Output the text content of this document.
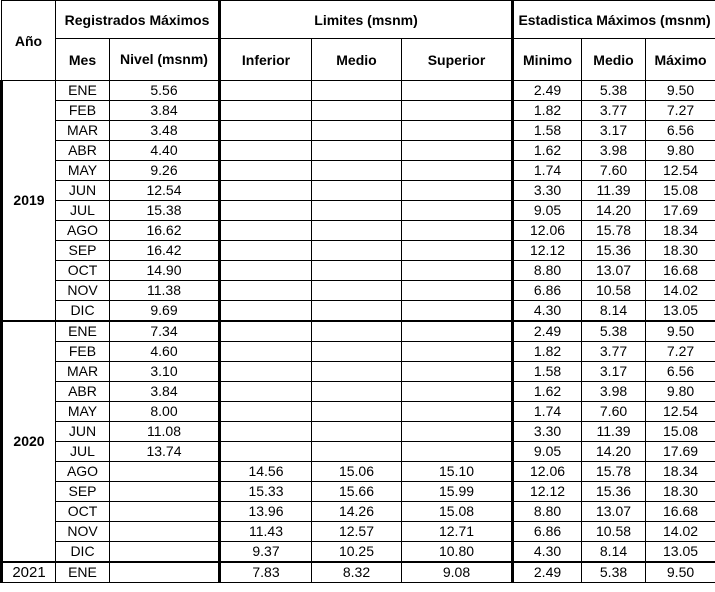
Año	Registrados Máximos		Limites (msnm)			Estadistica Máximos (msnm)		
	Mes	Nivel (msnm)	Inferior	Medio	Superior	Minimo	Medio	Máximo
2019	ENE	5.56				2.49	5.38	9.50
	FEB	3.84				1.82	3.77	7.27
	MAR	3.48				1.58	3.17	6.56
	ABR	4.40				1.62	3.98	9.80
	MAY	9.26				1.74	7.60	12.54
	JUN	12.54				3.30	11.39	15.08
	JUL	15.38				9.05	14.20	17.69
	AGO	16.62				12.06	15.78	18.34
	SEP	16.42				12.12	15.36	18.30
	OCT	14.90				8.80	13.07	16.68
	NOV	11.38				6.86	10.58	14.02
	DIC	9.69				4.30	8.14	13.05
2020	ENE	7.34				2.49	5.38	9.50
	FEB	4.60				1.82	3.77	7.27
	MAR	3.10				1.58	3.17	6.56
	ABR	3.84				1.62	3.98	9.80
	MAY	8.00				1.74	7.60	12.54
	JUN	11.08				3.30	11.39	15.08
	JUL	13.74				9.05	14.20	17.69
	AGO		14.56	15.06	15.10	12.06	15.78	18.34
	SEP		15.33	15.66	15.99	12.12	15.36	18.30
	OCT		13.96	14.26	15.08	8.80	13.07	16.68
	NOV		11.43	12.57	12.71	6.86	10.58	14.02
	DIC		9.37	10.25	10.80	4.30	8.14	13.05
2021	ENE		7.83	8.32	9.08	2.49	5.38	9.50
